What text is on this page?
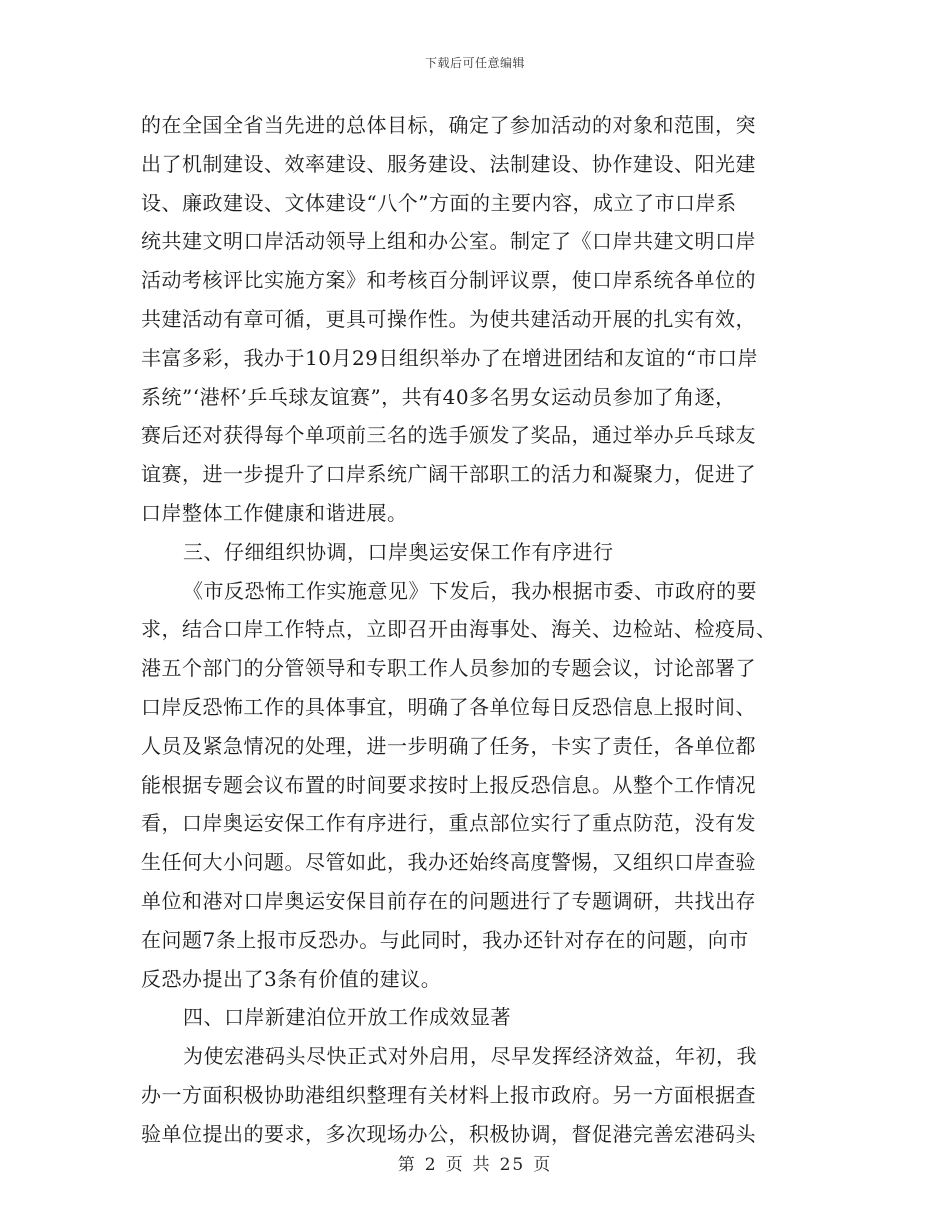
下载后可任意编辑
的在全国全省当先进的总体目标，确定了参加活动的对象和范围，突
出了机制建设、效率建设、服务建设、法制建设、协作建设、阳光建
设、廉政建设、文体建设“八个”方面的主要内容，成立了市口岸系
统共建文明口岸活动领导上组和办公室。制定了《口岸共建文明口岸
活动考核评比实施方案》和考核百分制评议票，使口岸系统各单位的
共建活动有章可循，更具可操作性。为使共建活动开展的扎实有效，
丰富多彩，我办于10月29日组织举办了在增进团结和友谊的“市口岸
系统”‘港杯’乒乓球友谊赛”，共有40多名男女运动员参加了角逐，
赛后还对获得每个单项前三名的选手颁发了奖品，通过举办乒乓球友
谊赛，进一步提升了口岸系统广阔干部职工的活力和凝聚力，促进了
口岸整体工作健康和谐进展。
三、仔细组织协调，口岸奥运安保工作有序进行
《市反恐怖工作实施意见》下发后，我办根据市委、市政府的要
求，结合口岸工作特点，立即召开由海事处、海关、边检站、检疫局、
港五个部门的分管领导和专职工作人员参加的专题会议，讨论部署了
口岸反恐怖工作的具体事宜，明确了各单位每日反恐信息上报时间、
人员及紧急情况的处理，进一步明确了任务，卡实了责任，各单位都
能根据专题会议布置的时间要求按时上报反恐信息。从整个工作情况
看，口岸奥运安保工作有序进行，重点部位实行了重点防范，没有发
生任何大小问题。尽管如此，我办还始终高度警惕，又组织口岸查验
单位和港对口岸奥运安保目前存在的问题进行了专题调研，共找出存
在问题7条上报市反恐办。与此同时，我办还针对存在的问题，向市
反恐办提出了3条有价值的建议。
四、口岸新建泊位开放工作成效显著
为使宏港码头尽快正式对外启用，尽早发挥经济效益，年初，我
办一方面积极协助港组织整理有关材料上报市政府。另一方面根据查
验单位提出的要求，多次现场办公，积极协调，督促港完善宏港码头
第 2 页 共 25 页
